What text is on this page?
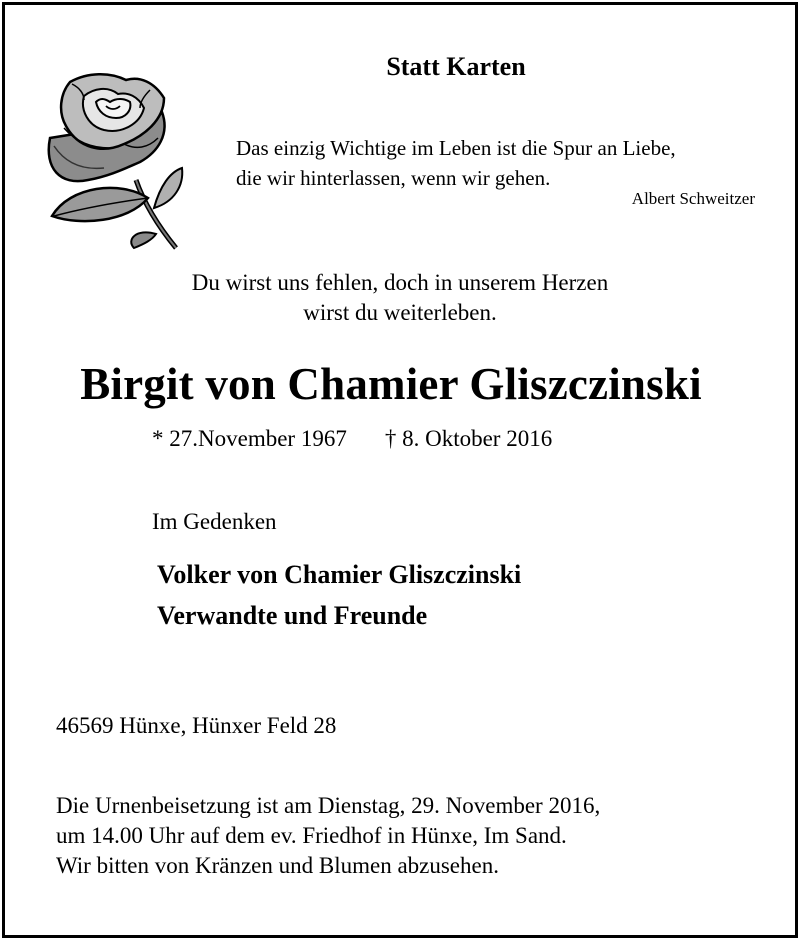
Statt Karten
Das einzig Wichtige im Leben ist die Spur an Liebe,
die wir hinterlassen, wenn wir gehen.
Albert Schweitzer
Du wirst uns fehlen, doch in unserem Herzen
wirst du weiterleben.
Birgit von Chamier Gliszczinski
* 27.November 1967 † 8. Oktober 2016
Im Gedenken
Volker von Chamier Gliszczinski
Verwandte und Freunde
46569 Hünxe, Hünxer Feld 28
Die Urnenbeisetzung ist am Dienstag, 29. November 2016,
um 14.00 Uhr auf dem ev. Friedhof in Hünxe, Im Sand.
Wir bitten von Kränzen und Blumen abzusehen.
